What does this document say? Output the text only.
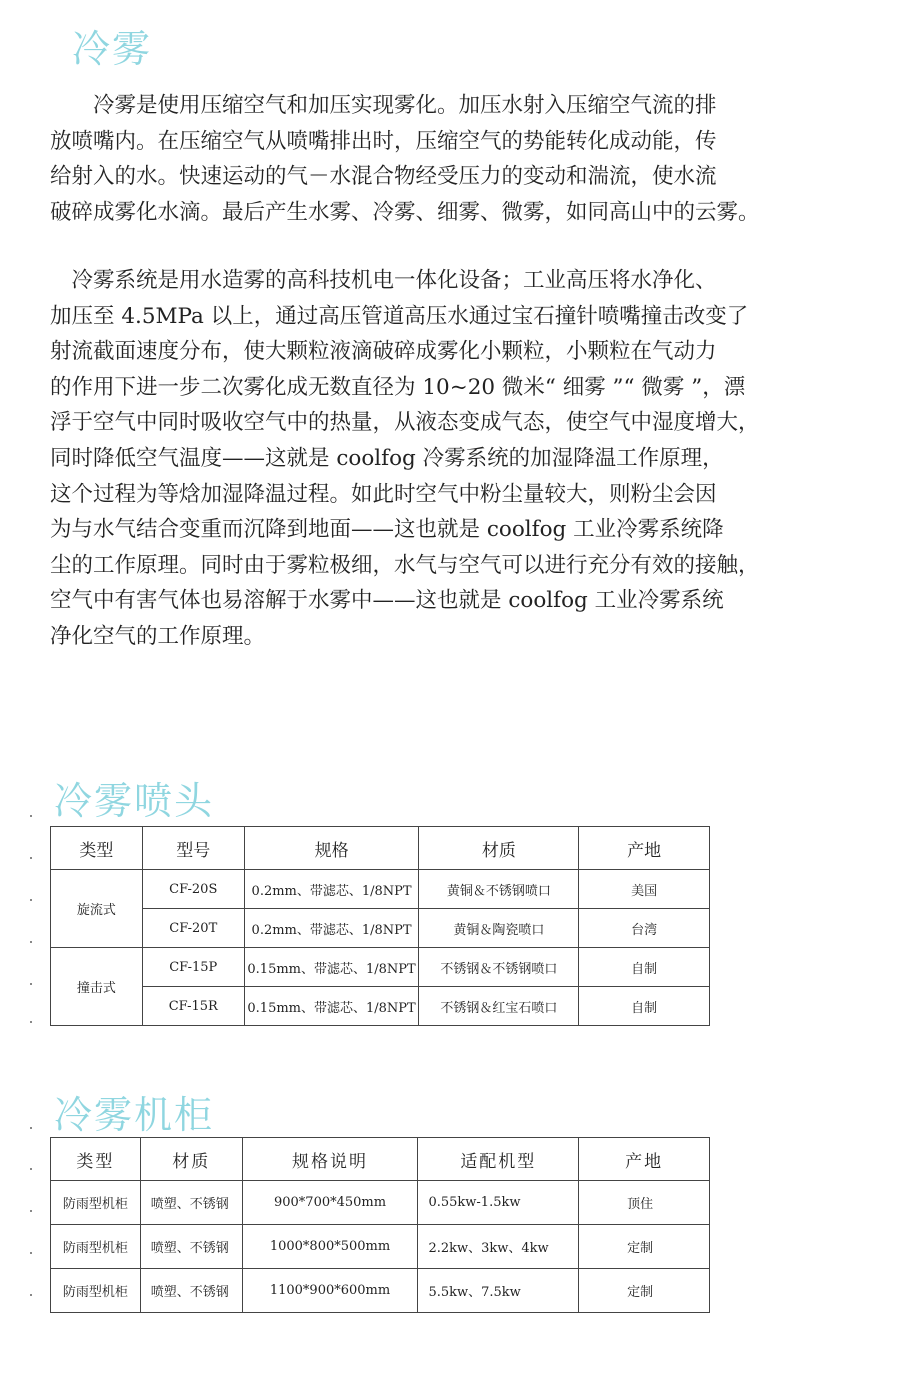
冷雾

　　冷雾是使用压缩空气和加压实现雾化。加压水射入压缩空气流的排
放喷嘴内。在压缩空气从喷嘴排出时，压缩空气的势能转化成动能，传
给射入的水。快速运动的气－水混合物经受压力的变动和湍流，使水流
破碎成雾化水滴。最后产生水雾、冷雾、细雾、微雾，如同高山中的云雾。

　冷雾系统是用水造雾的高科技机电一体化设备；工业高压将水净化、
加压至 4.5MPa 以上，通过高压管道高压水通过宝石撞针喷嘴撞击改变了
射流截面速度分布，使大颗粒液滴破碎成雾化小颗粒，小颗粒在气动力
的作用下进一步二次雾化成无数直径为 10~20 微米“ 细雾 ”“ 微雾 ”，漂
浮于空气中同时吸收空气中的热量，从液态变成气态，使空气中湿度增大，
同时降低空气温度——这就是 coolfog 冷雾系统的加湿降温工作原理，
这个过程为等焓加湿降温过程。如此时空气中粉尘量较大，则粉尘会因
为与水气结合变重而沉降到地面——这也就是 coolfog 工业冷雾系统降
尘的工作原理。同时由于雾粒极细，水气与空气可以进行充分有效的接触，
空气中有害气体也易溶解于水雾中——这也就是 coolfog 工业冷雾系统
净化空气的工作原理。

冷雾喷头
类型	型号	规格	材质	产地
旋流式	CF-20S	0.2mm、带滤芯、1/8NPT	黄铜＆不锈钢喷口	美国
	CF-20T	0.2mm、带滤芯、1/8NPT	黄铜＆陶瓷喷口	台湾
撞击式	CF-15P	0.15mm、带滤芯、1/8NPT	不锈钢＆不锈钢喷口	自制
	CF-15R	0.15mm、带滤芯、1/8NPT	不锈钢＆红宝石喷口	自制
冷雾机柜
类型	材质	规格说明	适配机型	产地
防雨型机柜	喷塑、不锈钢	900*700*450mm	0.55kw-1.5kw	顶住
防雨型机柜	喷塑、不锈钢	1000*800*500mm	2.2kw、3kw、4kw	定制
防雨型机柜	喷塑、不锈钢	1100*900*600mm	5.5kw、7.5kw	定制
